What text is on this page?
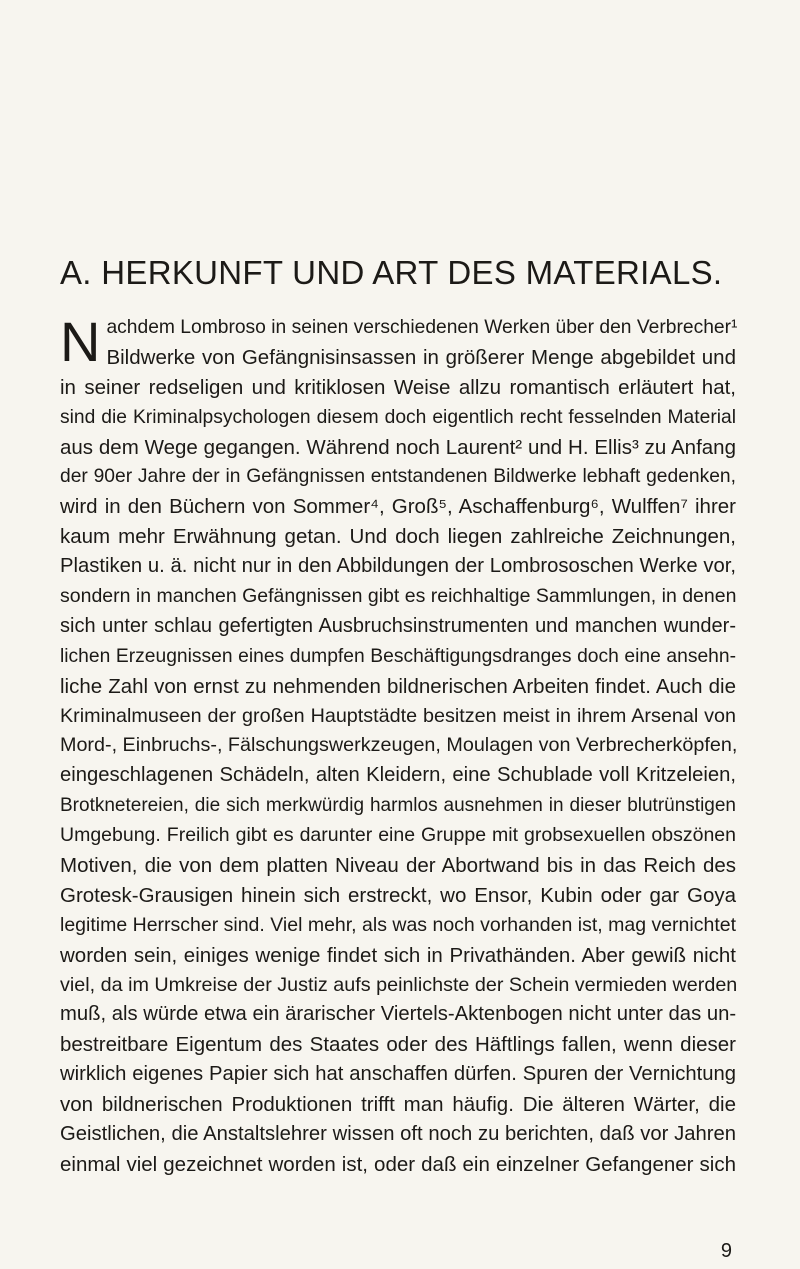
A. HERKUNFT UND ART DES MATERIALS.
N achdem Lombroso in seinen verschiedenen Werken über den Verbrecher¹
Bildwerke von Gefängnisinsassen in größerer Menge abgebildet und
in seiner redseligen und kritiklosen Weise allzu romantisch erläutert hat,
sind die Kriminalpsychologen diesem doch eigentlich recht fesselnden Material
aus dem Wege gegangen. Während noch Laurent² und H. Ellis³ zu Anfang
der 90er Jahre der in Gefängnissen entstandenen Bildwerke lebhaft gedenken,
wird in den Büchern von Sommer⁴, Groß⁵, Aschaffenburg⁶, Wulffen⁷ ihrer
kaum mehr Erwähnung getan. Und doch liegen zahlreiche Zeichnungen,
Plastiken u. ä. nicht nur in den Abbildungen der Lombrososchen Werke vor,
sondern in manchen Gefängnissen gibt es reichhaltige Sammlungen, in denen
sich unter schlau gefertigten Ausbruchsinstrumenten und manchen wunder-
lichen Erzeugnissen eines dumpfen Beschäftigungsdranges doch eine ansehn-
liche Zahl von ernst zu nehmenden bildnerischen Arbeiten findet. Auch die
Kriminalmuseen der großen Hauptstädte besitzen meist in ihrem Arsenal von
Mord-, Einbruchs-, Fälschungswerkzeugen, Moulagen von Verbrecherköpfen,
eingeschlagenen Schädeln, alten Kleidern, eine Schublade voll Kritzeleien,
Brotknetereien, die sich merkwürdig harmlos ausnehmen in dieser blutrünstigen
Umgebung. Freilich gibt es darunter eine Gruppe mit grobsexuellen obszönen
Motiven, die von dem platten Niveau der Abortwand bis in das Reich des
Grotesk-Grausigen hinein sich erstreckt, wo Ensor, Kubin oder gar Goya
legitime Herrscher sind. Viel mehr, als was noch vorhanden ist, mag vernichtet
worden sein, einiges wenige findet sich in Privathänden. Aber gewiß nicht
viel, da im Umkreise der Justiz aufs peinlichste der Schein vermieden werden
muß, als würde etwa ein ärarischer Viertels-Aktenbogen nicht unter das un-
bestreitbare Eigentum des Staates oder des Häftlings fallen, wenn dieser
wirklich eigenes Papier sich hat anschaffen dürfen. Spuren der Vernichtung
von bildnerischen Produktionen trifft man häufig. Die älteren Wärter, die
Geistlichen, die Anstaltslehrer wissen oft noch zu berichten, daß vor Jahren
einmal viel gezeichnet worden ist, oder daß ein einzelner Gefangener sich
9
